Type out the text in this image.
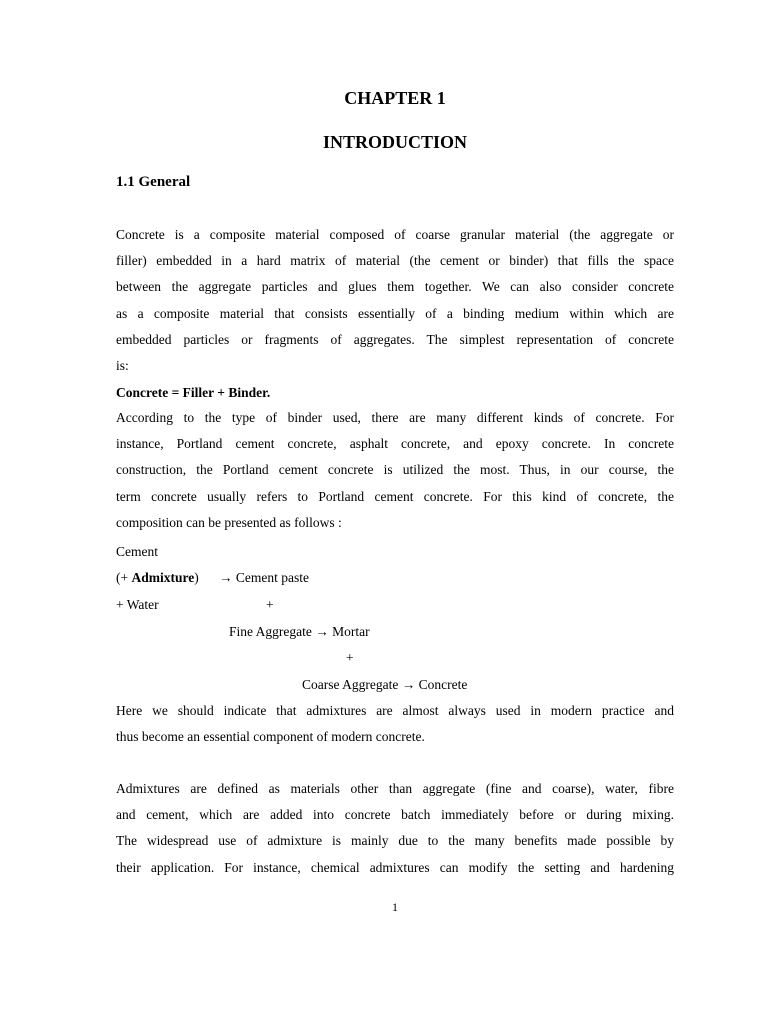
CHAPTER 1
INTRODUCTION
1.1 General
Concrete is a composite material composed of coarse granular material (the aggregate or
filler) embedded in a hard matrix of material (the cement or binder) that fills the space
between the aggregate particles and glues them together. We can also consider concrete
as a composite material that consists essentially of a binding medium within which are
embedded particles or fragments of aggregates. The simplest representation of concrete
is:
Concrete = Filler + Binder.
According to the type of binder used, there are many different kinds of concrete. For
instance, Portland cement concrete, asphalt concrete, and epoxy concrete. In concrete
construction, the Portland cement concrete is utilized the most. Thus, in our course, the
term concrete usually refers to Portland cement concrete. For this kind of concrete, the
composition can be presented as follows :
Cement
(+ Admixture) → Cement paste
+ Water	+
Fine Aggregate → Mortar
+
Coarse Aggregate → Concrete
Here we should indicate that admixtures are almost always used in modern practice and
thus become an essential component of modern concrete.
Admixtures are defined as materials other than aggregate (fine and coarse), water, fibre
and cement, which are added into concrete batch immediately before or during mixing.
The widespread use of admixture is mainly due to the many benefits made possible by
their application. For instance, chemical admixtures can modify the setting and hardening
1
